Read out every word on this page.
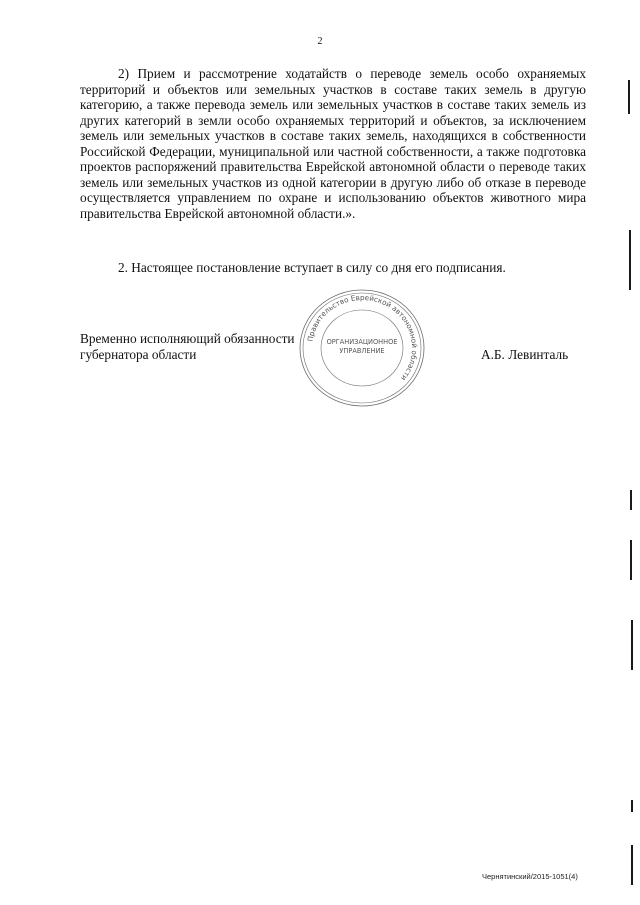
2
2) Прием и рассмотрение ходатайств о переводе земель особо охраняемых территорий и объектов или земельных участков в составе таких земель в другую категорию, а также перевода земель или земельных участков в составе таких земель из других категорий в земли особо охраняемых территорий и объектов, за исключением земель или земельных участков в составе таких земель, находящихся в собственности Российской Федерации, муниципальной или частной собственности, а также подготовка проектов распоряжений правительства Еврейской автономной области о переводе таких земель или земельных участков из одной категории в другую либо об отказе в переводе осуществляется управлением по охране и использованию объектов животного мира правительства Еврейской автономной области.».
2. Настоящее постановление вступает в силу со дня его подписания.
Временно исполняющий обязанности
губернатора области	А.Б. Левинталь
Правительство Еврейской автономной области
ОРГАНИЗАЦИОННОЕ
УПРАВЛЕНИЕ
Чернятинский/2015-1051(4)
